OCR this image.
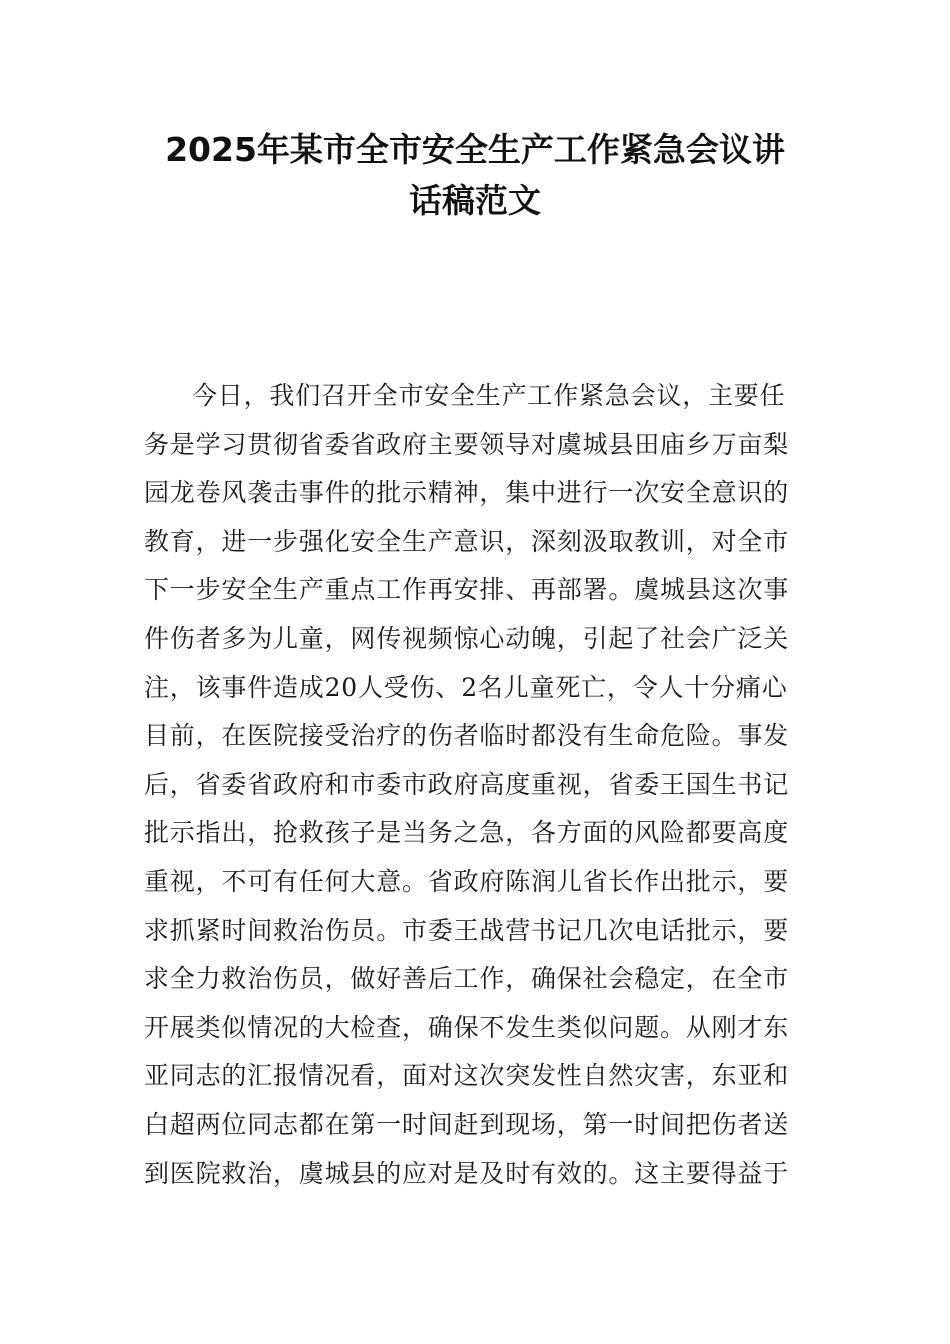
2025年某市全市安全生产工作紧急会议讲
话稿范文
今日，我们召开全市安全生产工作紧急会议，主要任
务是学习贯彻省委省政府主要领导对虞城县田庙乡万亩梨
园龙卷风袭击事件的批示精神，集中进行一次安全意识的
教育，进一步强化安全生产意识，深刻汲取教训，对全市
下一步安全生产重点工作再安排、再部署。虞城县这次事
件伤者多为儿童，网传视频惊心动魄，引起了社会广泛关
注，该事件造成20人受伤、2名儿童死亡，令人十分痛心
目前，在医院接受治疗的伤者临时都没有生命危险。事发
后，省委省政府和市委市政府高度重视，省委王国生书记
批示指出，抢救孩子是当务之急，各方面的风险都要高度
重视，不可有任何大意。省政府陈润儿省长作出批示，要
求抓紧时间救治伤员。市委王战营书记几次电话批示，要
求全力救治伤员，做好善后工作，确保社会稳定，在全市
开展类似情况的大检查，确保不发生类似问题。从刚才东
亚同志的汇报情况看，面对这次突发性自然灾害，东亚和
白超两位同志都在第一时间赶到现场，第一时间把伤者送
到医院救治，虞城县的应对是及时有效的。这主要得益于
